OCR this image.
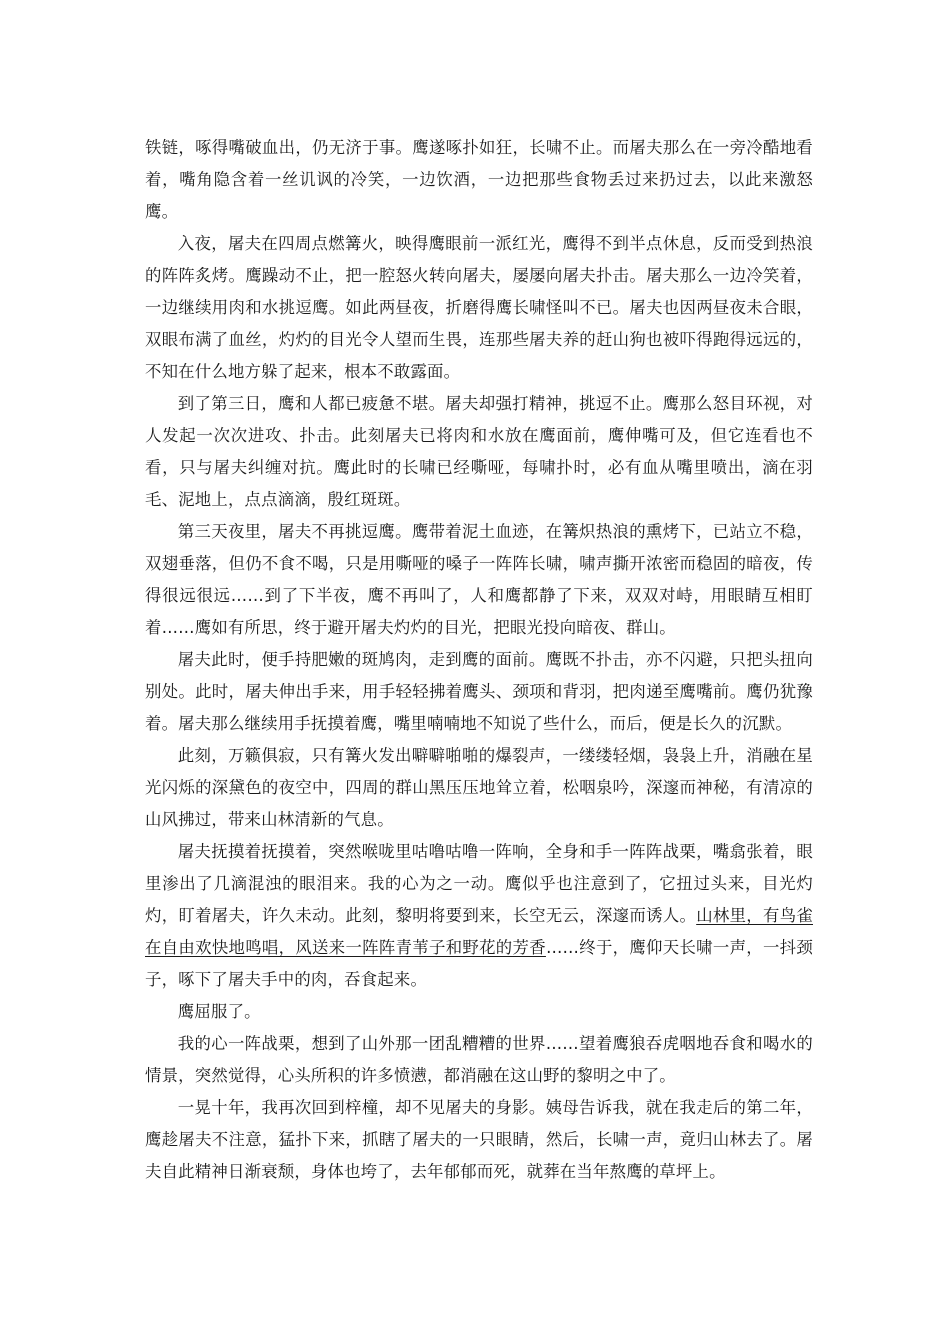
铁链，啄得嘴破血出，仍无济于事。鹰遂啄扑如狂，长啸不止。而屠夫那么在一旁冷酷地看着，嘴角隐含着一丝讥讽的冷笑，一边饮酒，一边把那些食物丢过来扔过去，以此来激怒鹰。

入夜，屠夫在四周点燃篝火，映得鹰眼前一派红光，鹰得不到半点休息，反而受到热浪的阵阵炙烤。鹰躁动不止，把一腔怒火转向屠夫，屡屡向屠夫扑击。屠夫那么一边冷笑着，一边继续用肉和水挑逗鹰。如此两昼夜，折磨得鹰长啸怪叫不已。屠夫也因两昼夜未合眼，双眼布满了血丝，灼灼的目光令人望而生畏，连那些屠夫养的赶山狗也被吓得跑得远远的，不知在什么地方躲了起来，根本不敢露面。

到了第三日，鹰和人都已疲惫不堪。屠夫却强打精神，挑逗不止。鹰那么怒目环视，对人发起一次次进攻、扑击。此刻屠夫已将肉和水放在鹰面前，鹰伸嘴可及，但它连看也不看，只与屠夫纠缠对抗。鹰此时的长啸已经嘶哑，每啸扑时，必有血从嘴里喷出，滴在羽毛、泥地上，点点滴滴，殷红斑斑。

第三天夜里，屠夫不再挑逗鹰。鹰带着泥土血迹，在篝炽热浪的熏烤下，已站立不稳，双翅垂落，但仍不食不喝，只是用嘶哑的嗓子一阵阵长啸，啸声撕开浓密而稳固的暗夜，传得很远很远……到了下半夜，鹰不再叫了，人和鹰都静了下来，双双对峙，用眼睛互相盯着……鹰如有所思，终于避开屠夫灼灼的目光，把眼光投向暗夜、群山。

屠夫此时，便手持肥嫩的斑鸠肉，走到鹰的面前。鹰既不扑击，亦不闪避，只把头扭向别处。此时，屠夫伸出手来，用手轻轻拂着鹰头、颈项和背羽，把肉递至鹰嘴前。鹰仍犹豫着。屠夫那么继续用手抚摸着鹰，嘴里喃喃地不知说了些什么，而后，便是长久的沉默。

此刻，万籁俱寂，只有篝火发出噼噼啪啪的爆裂声，一缕缕轻烟，袅袅上升，消融在星光闪烁的深黛色的夜空中，四周的群山黑压压地耸立着，松咽泉吟，深邃而神秘，有清凉的山风拂过，带来山林清新的气息。

屠夫抚摸着抚摸着，突然喉咙里咕噜咕噜一阵响，全身和手一阵阵战栗，嘴翕张着，眼里渗出了几滴混浊的眼泪来。我的心为之一动。鹰似乎也注意到了，它扭过头来，目光灼灼，盯着屠夫，许久未动。此刻，黎明将要到来，长空无云，深邃而诱人。山林里，有鸟雀在自由欢快地鸣唱，风送来一阵阵青苇子和野花的芳香……终于，鹰仰天长啸一声，一抖颈子，啄下了屠夫手中的肉，吞食起来。

鹰屈服了。

我的心一阵战栗，想到了山外那一团乱糟糟的世界……望着鹰狼吞虎咽地吞食和喝水的情景，突然觉得，心头所积的许多愤懑，都消融在这山野的黎明之中了。

一晃十年，我再次回到梓橦，却不见屠夫的身影。姨母告诉我，就在我走后的第二年，鹰趁屠夫不注意，猛扑下来，抓瞎了屠夫的一只眼睛，然后，长啸一声，竟归山林去了。屠夫自此精神日渐衰颓，身体也垮了，去年郁郁而死，就葬在当年熬鹰的草坪上。
